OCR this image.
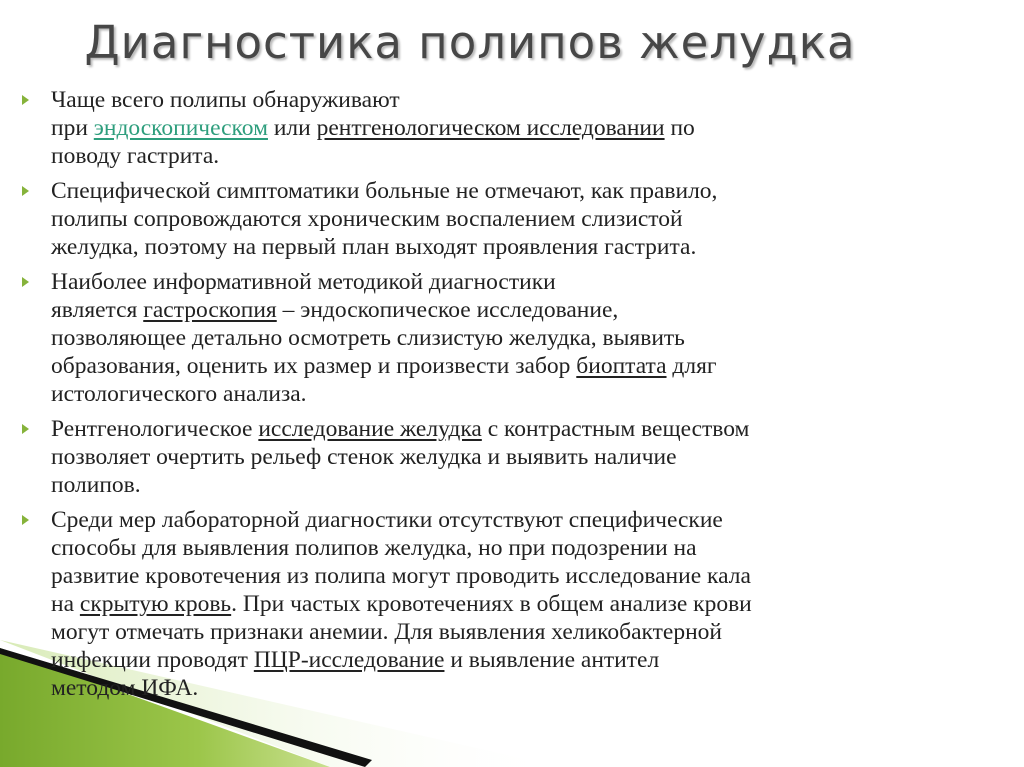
Диагностика полипов желудка
Чаще всего полипы обнаруживают
при эндоскопическом или рентгенологическом исследовании по
поводу гастрита.
Специфической симптоматики больные не отмечают, как правило,
полипы сопровождаются хроническим воспалением слизистой
желудка, поэтому на первый план выходят проявления гастрита.
Наиболее информативной методикой диагностики
является гастроскопия – эндоскопическое исследование,
позволяющее детально осмотреть слизистую желудка, выявить
образования, оценить их размер и произвести забор биоптата дляг
истологического анализа.
Рентгенологическое исследование желудка с контрастным веществом
позволяет очертить рельеф стенок желудка и выявить наличие
полипов.
Среди мер лабораторной диагностики отсутствуют специфические
способы для выявления полипов желудка, но при подозрении на
развитие кровотечения из полипа могут проводить исследование кала
на скрытую кровь. При частых кровотечениях в общем анализе крови
могут отмечать признаки анемии. Для выявления хеликобактерной
инфекции проводят ПЦР-исследование и выявление антител
методом ИФА.
